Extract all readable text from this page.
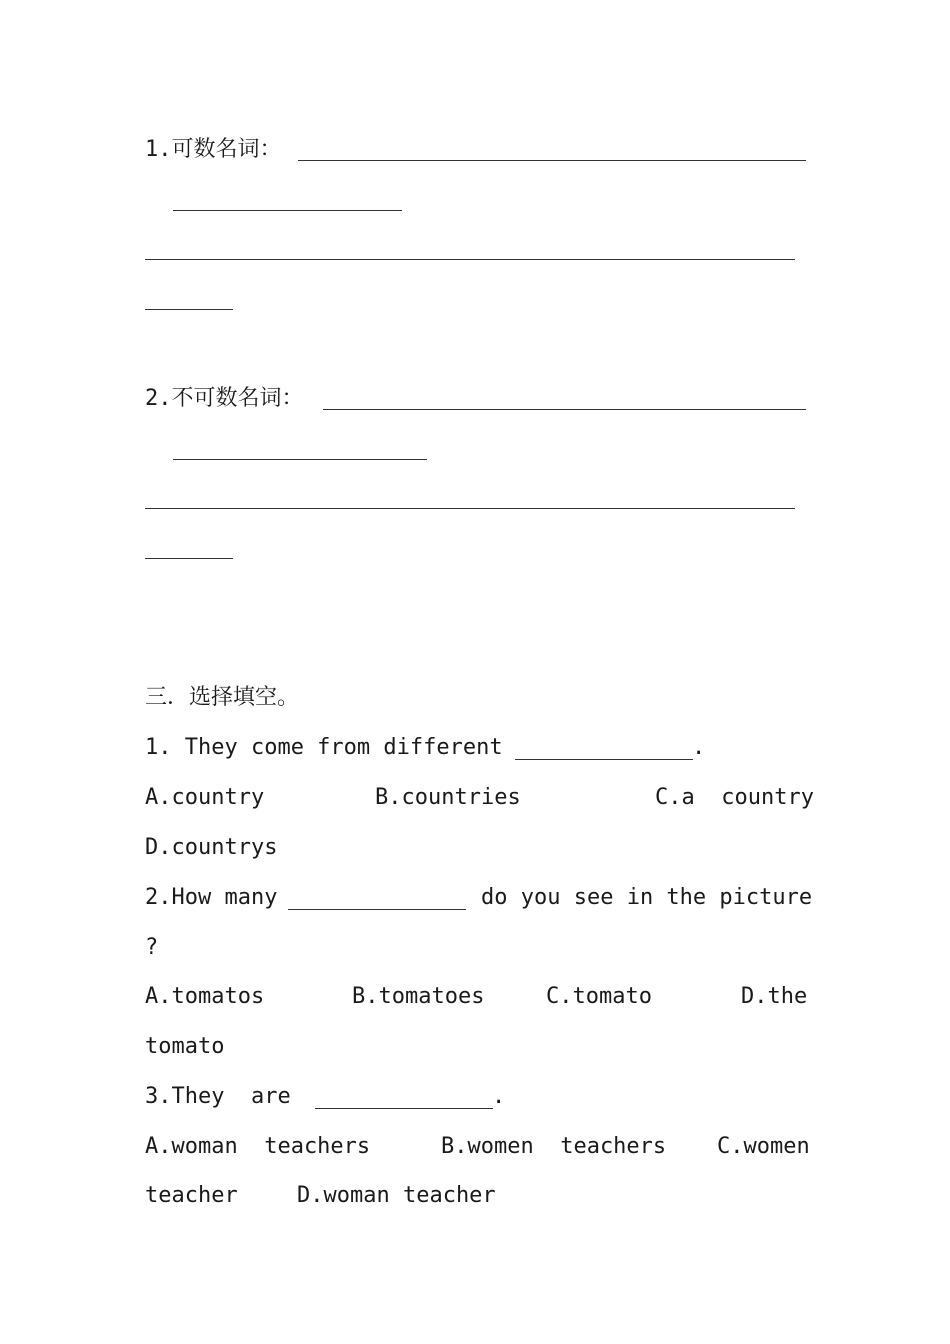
1.可数名词：
2.不可数名词：
三．选择填空。
1. They come from different	.
A.country	B.countries	C.a  country
D.countrys
2.How many	do you see in the picture
?
A.tomatos	B.tomatoes	C.tomato	D.the
tomato
3.They  are	.
A.woman  teachers	B.women  teachers C.women
teacher	D.woman teacher
